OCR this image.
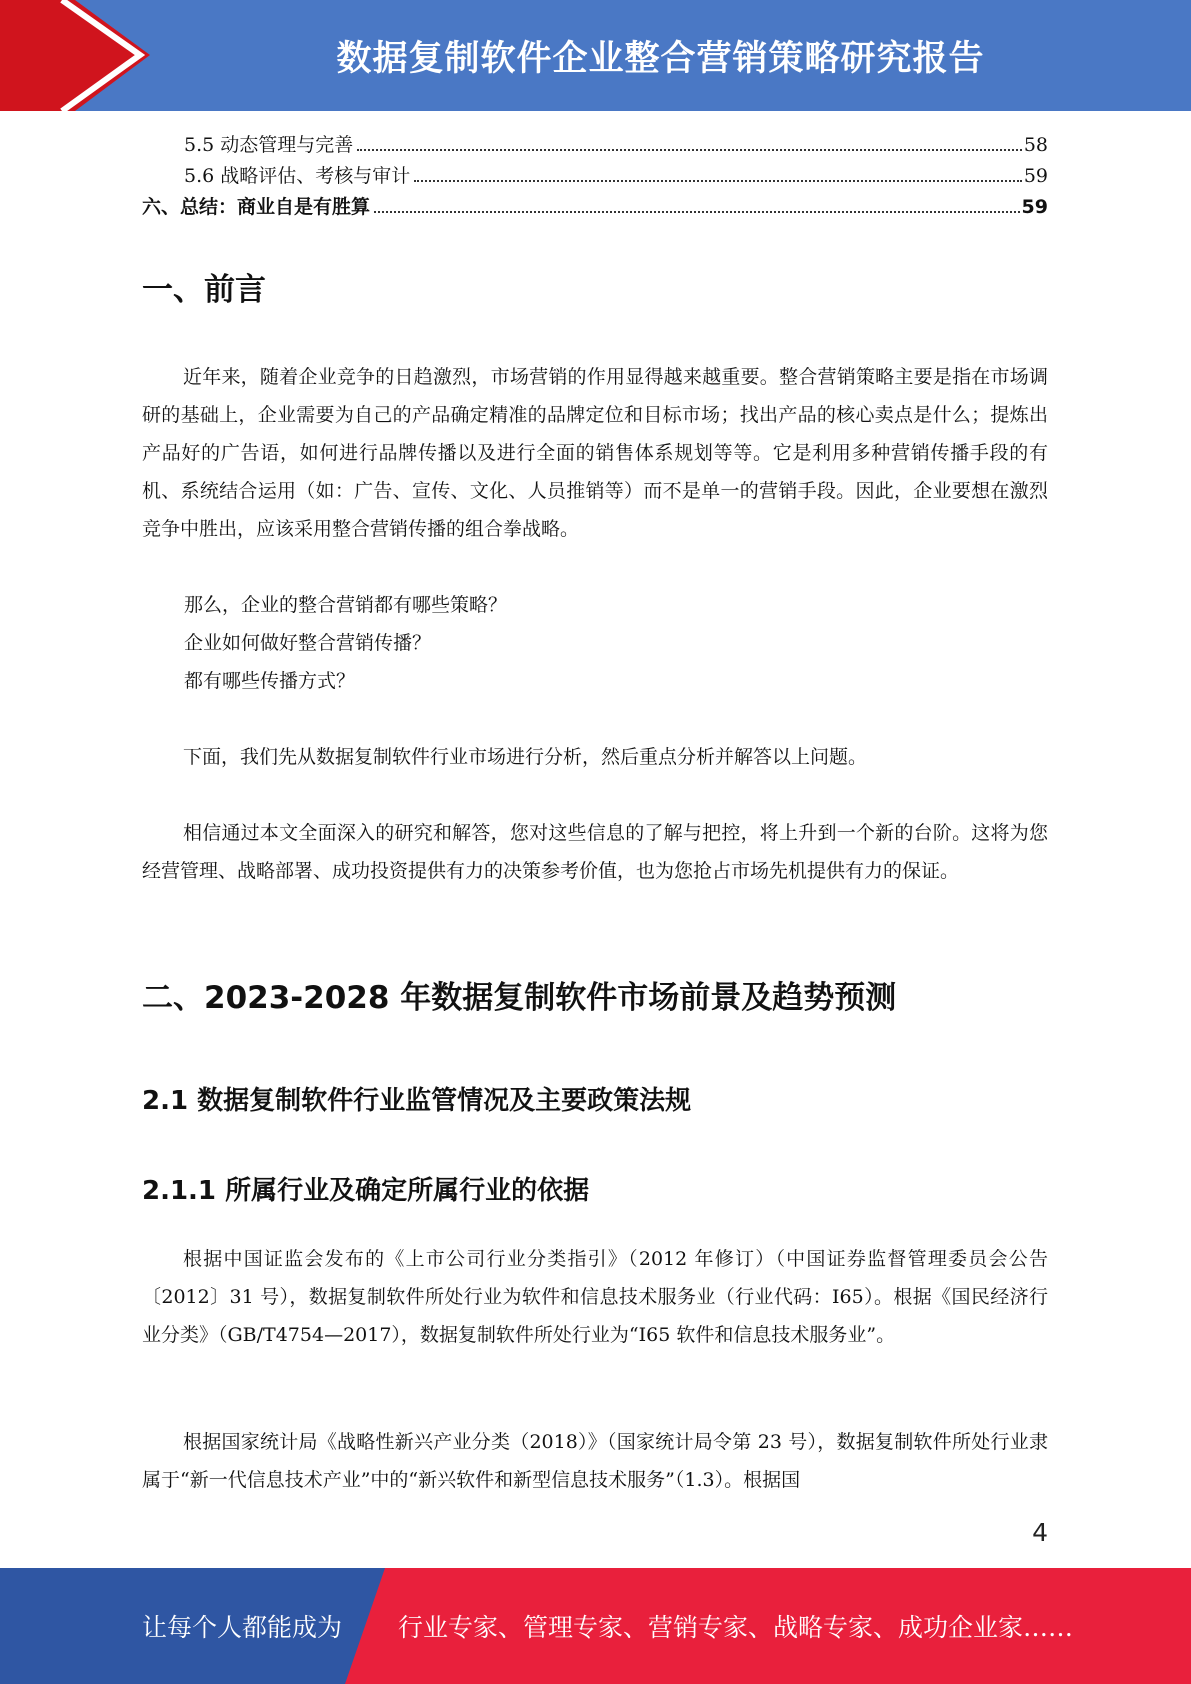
数据复制软件企业整合营销策略研究报告
5.5 动态管理与完善	58
5.6 战略评估、考核与审计	59
六、总结：商业自是有胜算	59
一、前言
近年来，随着企业竞争的日趋激烈，市场营销的作用显得越来越重要。整合营销策略主要是指在市场调研的基础上，企业需要为自己的产品确定精准的品牌定位和目标市场；找出产品的核心卖点是什么；提炼出产品好的广告语，如何进行品牌传播以及进行全面的销售体系规划等等。它是利用多种营销传播手段的有机、系统结合运用（如：广告、宣传、文化、人员推销等）而不是单一的营销手段。因此，企业要想在激烈竞争中胜出，应该采用整合营销传播的组合拳战略。
那么，企业的整合营销都有哪些策略？
企业如何做好整合营销传播？
都有哪些传播方式？
下面，我们先从数据复制软件行业市场进行分析，然后重点分析并解答以上问题。
相信通过本文全面深入的研究和解答，您对这些信息的了解与把控，将上升到一个新的台阶。这将为您经营管理、战略部署、成功投资提供有力的决策参考价值，也为您抢占市场先机提供有力的保证。
二、2023-2028 年数据复制软件市场前景及趋势预测
2.1 数据复制软件行业监管情况及主要政策法规
2.1.1 所属行业及确定所属行业的依据
根据中国证监会发布的《上市公司行业分类指引》（2012 年修订）（中国证券监督管理委员会公告〔2012〕31 号），数据复制软件所处行业为软件和信息技术服务业（行业代码：I65）。根据《国民经济行业分类》（GB/T4754—2017），数据复制软件所处行业为“I65 软件和信息技术服务业”。
根据国家统计局《战略性新兴产业分类（2018）》（国家统计局令第 23 号），数据复制软件所处行业隶属于“新一代信息技术产业”中的“新兴软件和新型信息技术服务”（1.3）。根据国
4
让每个人都能成为 行业专家、管理专家、营销专家、战略专家、成功企业家……
